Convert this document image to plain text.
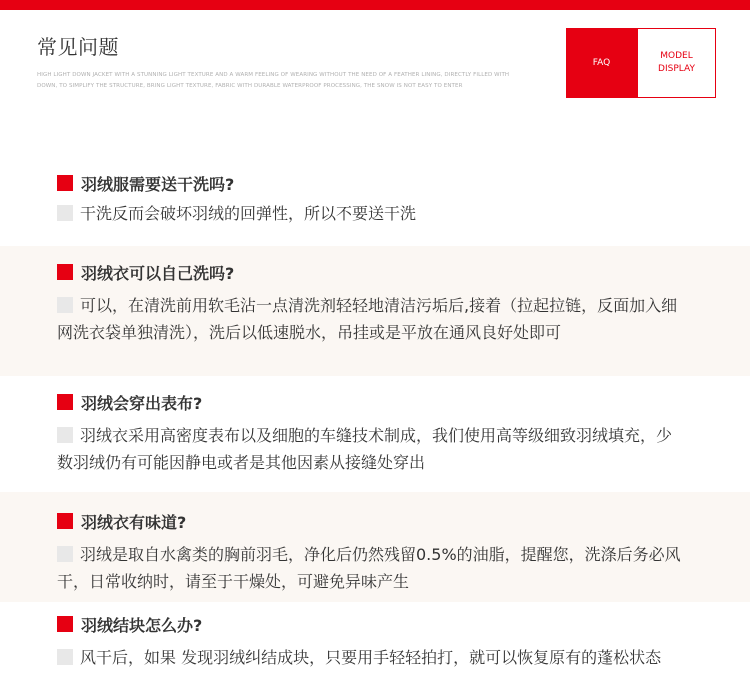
常见问题
HIGH LIGHT DOWN JACKET WITH A STUNNING LIGHT TEXTURE AND A WARM FEELING OF WEARING WITHOUT THE NEED OF A FEATHER LINING, DIRECTLY FILLED WITH DOWN, TO SIMPLIFY THE STRUCTURE, BRING LIGHT TEXTURE, FABRIC WITH DURABLE WATERPROOF PROCESSING, THE SNOW IS NOT EASY TO ENTER
FAQ
MODEL
DISPLAY
羽绒服需要送干洗吗?
干洗反而会破坏羽绒的回弹性，所以不要送干洗
羽绒衣可以自己洗吗?
可以，在清洗前用软毛沾一点清洗剂轻轻地清洁污垢后,接着（拉起拉链，反面加入细网洗衣袋单独清洗），洗后以低速脱水，吊挂或是平放在通风良好处即可
羽绒会穿出表布?
羽绒衣采用高密度表布以及细胞的车缝技术制成，我们使用高等级细致羽绒填充，少数羽绒仍有可能因静电或者是其他因素从接缝处穿出
羽绒衣有味道?
羽绒是取自水禽类的胸前羽毛，净化后仍然残留0.5%的油脂，提醒您，洗涤后务必风干，日常收纳时，请至于干燥处，可避免异味产生
羽绒结块怎么办?
风干后，如果 发现羽绒纠结成块，只要用手轻轻拍打，就可以恢复原有的蓬松状态
